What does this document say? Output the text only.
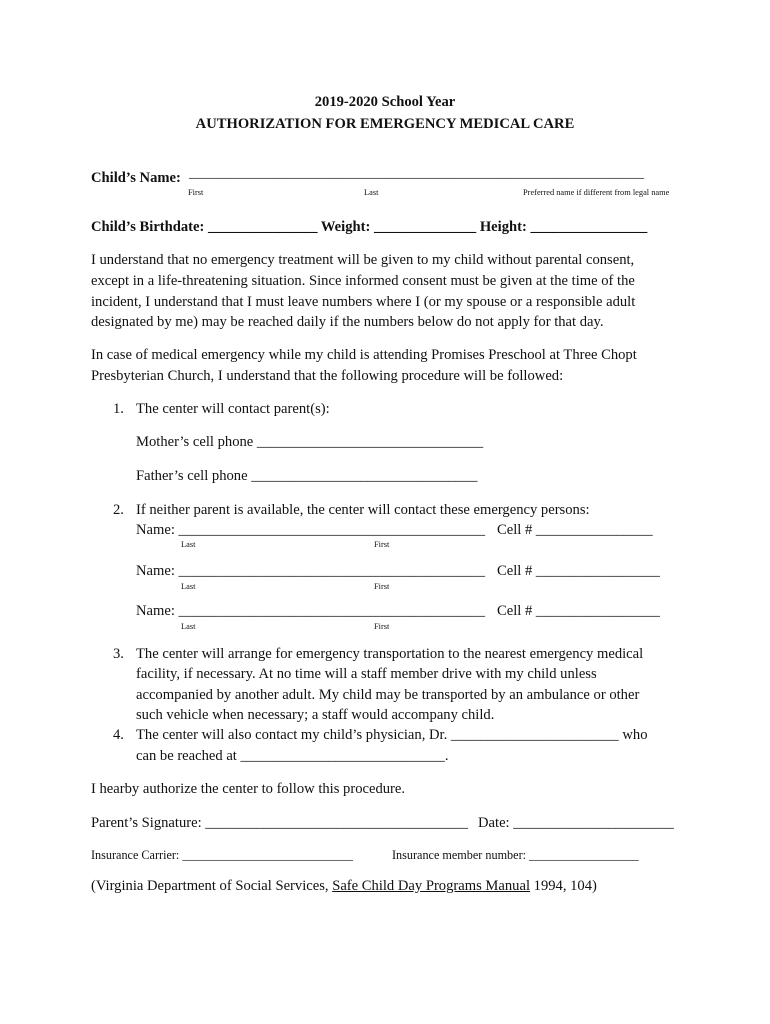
2019-2020 School Year
AUTHORIZATION FOR EMERGENCY MEDICAL CARE
Child’s Name: _________________________________________________________________
First	Last	Preferred name if different from legal name
Child’s Birthdate: _______________ Weight: ______________ Height: ________________
I understand that no emergency treatment will be given to my child without parental consent,
except in a life-threatening situation. Since informed consent must be given at the time of the
incident, I understand that I must leave numbers where I (or my spouse or a responsible adult
designated by me) may be reached daily if the numbers below do not apply for that day.
In case of medical emergency while my child is attending Promises Preschool at Three Chopt
Presbyterian Church, I understand that the following procedure will be followed:
1. The center will contact parent(s):
Mother’s cell phone _______________________________
Father’s cell phone _______________________________
2. If neither parent is available, the center will contact these emergency persons:
Name: __________________________________________ Cell # ________________
Last	First
Name: __________________________________________ Cell # _________________
Last	First
Name: __________________________________________ Cell # _________________
Last	First
3. The center will arrange for emergency transportation to the nearest emergency medical
facility, if necessary. At no time will a staff member drive with my child unless
accompanied by another adult. My child may be transported by an ambulance or other
such vehicle when necessary; a staff would accompany child.
4. The center will also contact my child’s physician, Dr. _______________________ who
can be reached at ____________________________.
I hearby authorize the center to follow this procedure.
Parent’s Signature: ____________________________________ Date: ______________________
Insurance Carrier: ____________________________	Insurance member number: __________________
(Virginia Department of Social Services, Safe Child Day Programs Manual 1994, 104)
